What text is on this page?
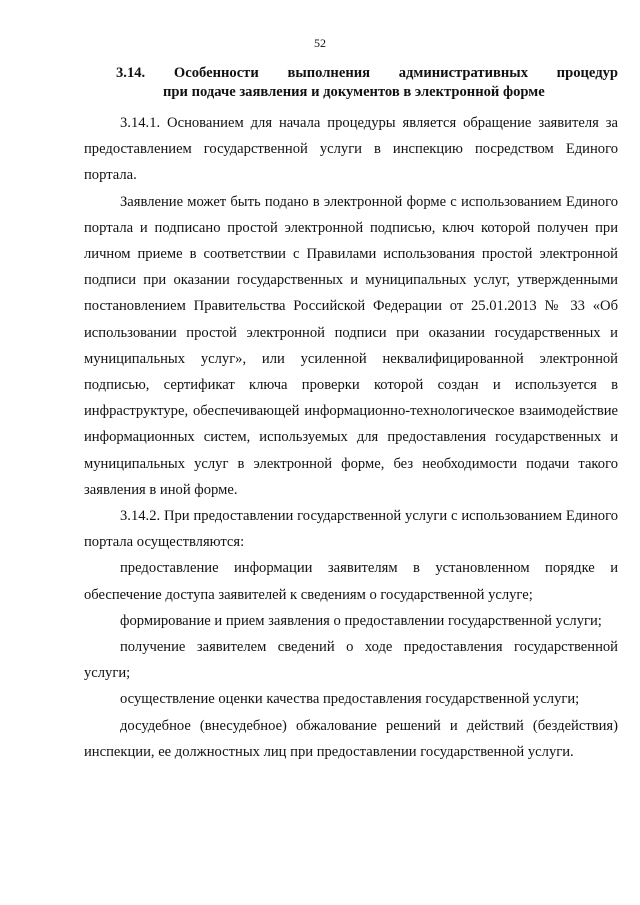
52
3.14. Особенности выполнения административных процедур
при подаче заявления и документов в электронной форме

3.14.1. Основанием для начала процедуры является обращение заявителя за предоставлением государственной услуги в инспекцию посредством Единого портала.

Заявление может быть подано в электронной форме с использованием Единого портала и подписано простой электронной подписью, ключ которой получен при личном приеме в соответствии с Правилами использования простой электронной подписи при оказании государственных и муниципальных услуг, утвержденными постановлением Правительства Российской Федерации от 25.01.2013 № 33 «Об использовании простой электронной подписи при оказании государственных и муниципальных услуг», или усиленной неквалифицированной электронной подписью, сертификат ключа проверки которой создан и используется в инфраструктуре, обеспечивающей информационно-технологическое взаимодействие информационных систем, используемых для предоставления государственных и муниципальных услуг в электронной форме, без необходимости подачи такого заявления в иной форме.

3.14.2. При предоставлении государственной услуги с использованием Единого портала осуществляются:

предоставление информации заявителям в установленном порядке и обеспечение доступа заявителей к сведениям о государственной услуге;

формирование и прием заявления о предоставлении государственной услуги;

получение заявителем сведений о ходе предоставления государственной услуги;

осуществление оценки качества предоставления государственной услуги;

досудебное (внесудебное) обжалование решений и действий (бездействия) инспекции, ее должностных лиц при предоставлении государственной услуги.
